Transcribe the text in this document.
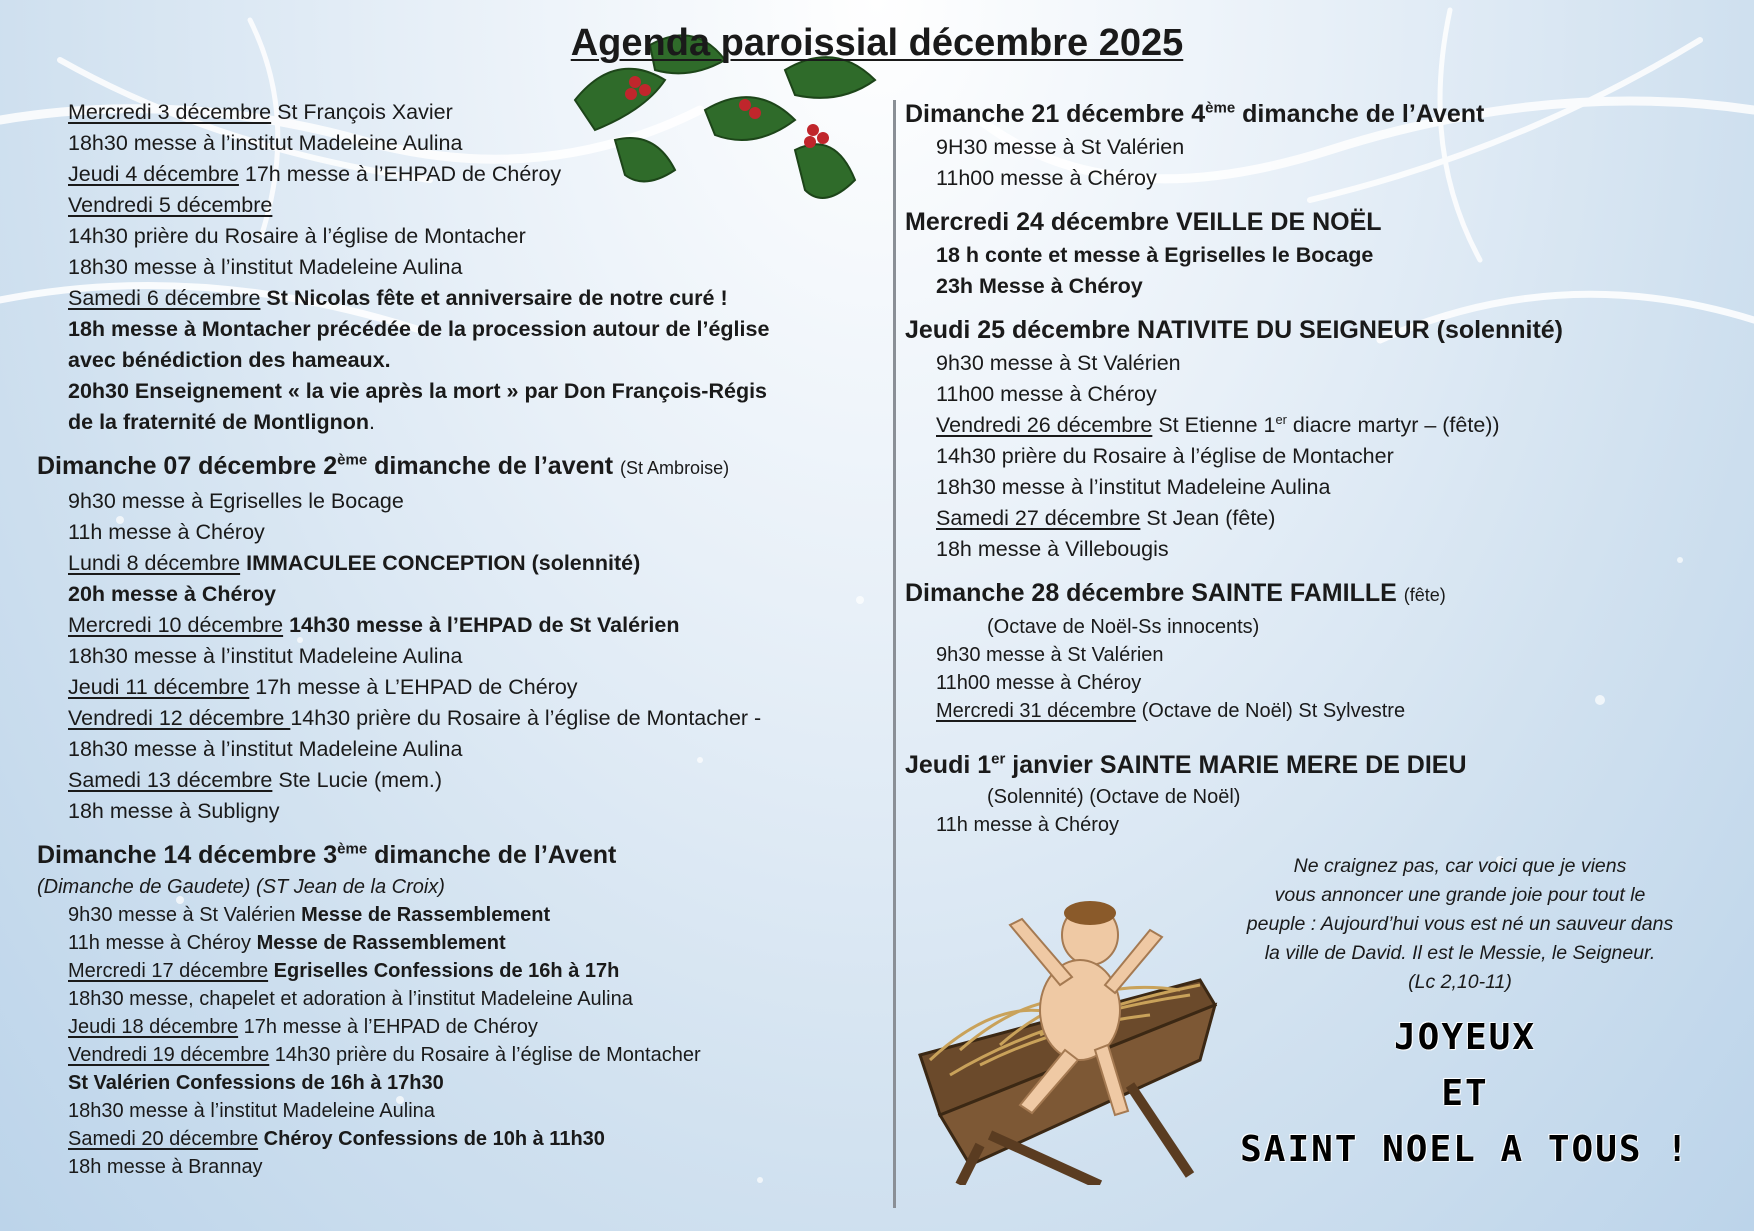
Agenda paroissial décembre 2025
Mercredi 3 décembre St François Xavier
18h30 messe à l’institut Madeleine Aulina
Jeudi 4 décembre 17h messe à l’EHPAD de Chéroy
Vendredi 5 décembre
14h30 prière du Rosaire à l’église de Montacher
18h30 messe à l’institut Madeleine Aulina
Samedi 6 décembre St Nicolas fête et anniversaire de notre curé !
18h messe à Montacher précédée de la procession autour de l’église
avec bénédiction des hameaux.
20h30 Enseignement « la vie après la mort » par Don François-Régis
de la fraternité de Montlignon.
Dimanche 07 décembre 2ème dimanche de l’avent (St Ambroise)
9h30 messe à Egriselles le Bocage
11h messe à Chéroy
Lundi 8 décembre IMMACULEE CONCEPTION (solennité)
20h messe à Chéroy
Mercredi 10 décembre 14h30 messe à l’EHPAD de St Valérien
18h30 messe à l’institut Madeleine Aulina
Jeudi 11 décembre 17h messe à L’EHPAD de Chéroy
Vendredi 12 décembre 14h30 prière du Rosaire à l’église de Montacher -
18h30 messe à l’institut Madeleine Aulina
Samedi 13 décembre Ste Lucie (mem.)
18h messe à Subligny
Dimanche 14 décembre 3ème dimanche de l’Avent
(Dimanche de Gaudete) (ST Jean de la Croix)
9h30 messe à St Valérien Messe de Rassemblement
11h messe à Chéroy Messe de Rassemblement
Mercredi 17 décembre Egriselles Confessions de 16h à 17h
18h30 messe, chapelet et adoration à l’institut Madeleine Aulina
Jeudi 18 décembre 17h messe à l’EHPAD de Chéroy
Vendredi 19 décembre 14h30 prière du Rosaire à l’église de Montacher
St Valérien Confessions de 16h à 17h30
18h30 messe à l’institut Madeleine Aulina
Samedi 20 décembre Chéroy Confessions de 10h à 11h30
18h messe à Brannay
Dimanche 21 décembre 4ème dimanche de l’Avent
9H30 messe à St Valérien
11h00 messe à Chéroy
Mercredi 24 décembre VEILLE DE NOËL
18 h conte et messe à Egriselles le Bocage
23h Messe à Chéroy
Jeudi 25 décembre NATIVITE DU SEIGNEUR (solennité)
9h30 messe à St Valérien
11h00 messe à Chéroy
Vendredi 26 décembre St Etienne 1er diacre martyr – (fête))
14h30 prière du Rosaire à l’église de Montacher
18h30 messe à l’institut Madeleine Aulina
Samedi 27 décembre St Jean (fête)
18h messe à Villebougis
Dimanche 28 décembre SAINTE FAMILLE (fête)
(Octave de Noël-Ss innocents)
9h30 messe à St Valérien
11h00 messe à Chéroy
Mercredi 31 décembre (Octave de Noël) St Sylvestre
Jeudi 1er janvier SAINTE MARIE MERE DE DIEU
(Solennité) (Octave de Noël)
11h messe à Chéroy
Ne craignez pas, car voici que je viens
vous annoncer une grande joie pour tout le
peuple : Aujourd’hui vous est né un sauveur dans
la ville de David. Il est le Messie, le Seigneur.
(Lc 2,10-11)
JOYEUX
ET
SAINT NOEL A TOUS !
